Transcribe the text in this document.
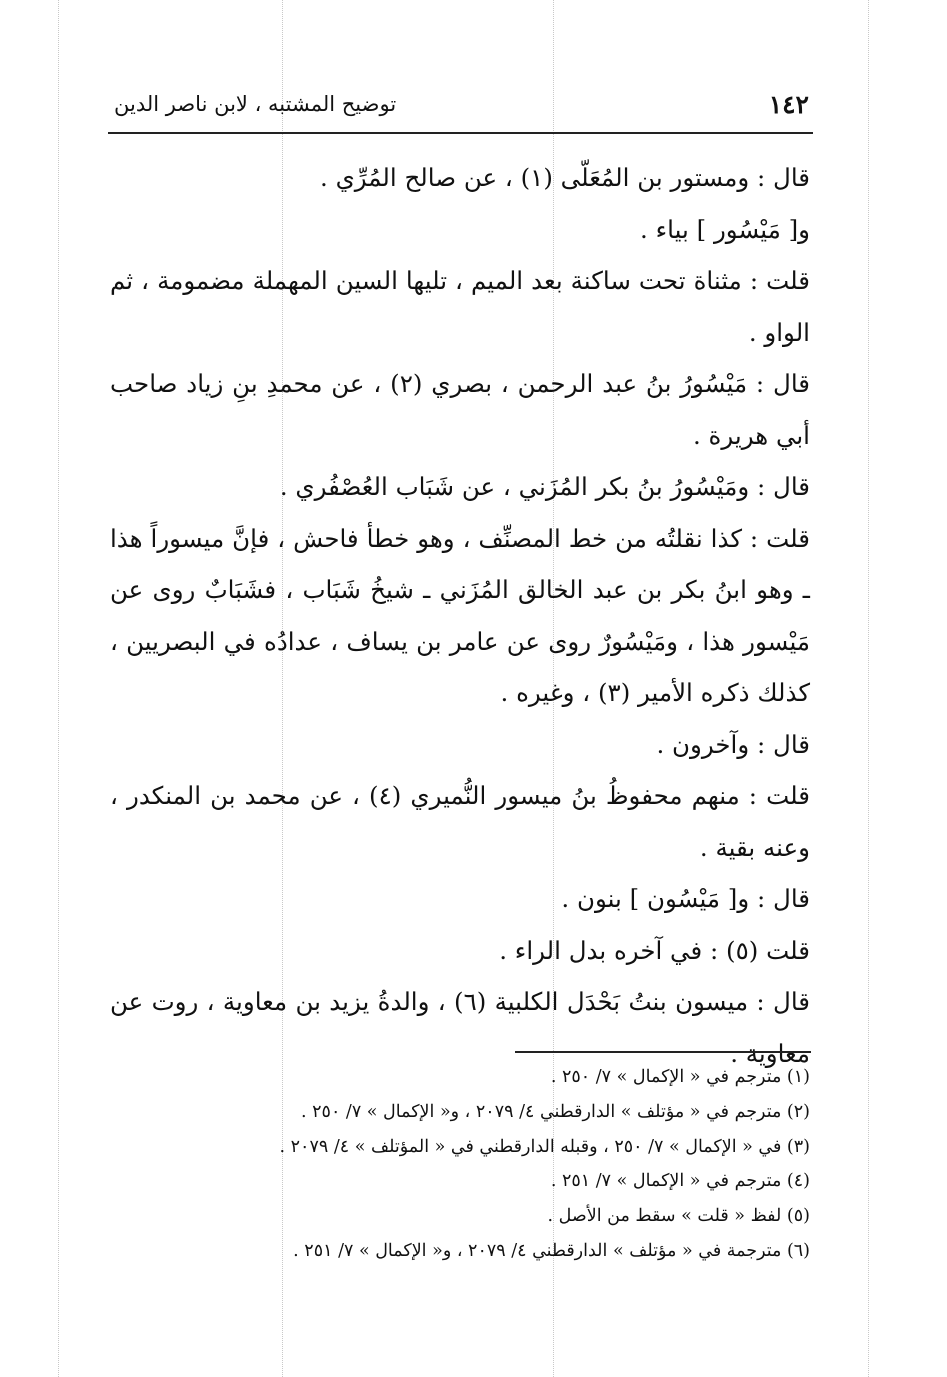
١٤٢
توضيح المشتبه ، لابن ناصر الدين

قال : ومستور بن المُعَلّى (١) ، عن صالح المُرِّي .

و[ مَيْسُور ] بياء .

قلت : مثناة تحت ساكنة بعد الميم ، تليها السين المهملة مضمومة ، ثم الواو .

قال : مَيْسُورُ بنُ عبد الرحمن ، بصري (٢) ، عن محمدِ بنِ زياد صاحب أبي هريرة .

قال : ومَيْسُورُ بنُ بكر المُزَني ، عن شَبَاب العُصْفُري .

قلت : كذا نقلتُه من خط المصنِّف ، وهو خطأ فاحش ، فإنَّ ميسوراً هذا ـ وهو ابنُ بكر بن عبد الخالق المُزَني ـ شيخُ شَبَاب ، فشَبَابٌ روى عن مَيْسور هذا ، ومَيْسُورٌ روى عن عامر بن يساف ، عدادُه في البصريين ، كذلك ذكره الأمير (٣) ، وغيره .

قال : وآخرون .

قلت : منهم محفوظُ بنُ ميسور النُّميري (٤) ، عن محمد بن المنكدر ، وعنه بقية .

قال : و[ مَيْسُون ] بنون .

قلت (٥) : في آخره بدل الراء .

قال : ميسون بنتُ بَحْدَل الكلبية (٦) ، والدةُ يزيد بن معاوية ، روت عن معاوية .

(١) مترجم في « الإكمال » ٧/ ٢٥٠ .

(٢) مترجم في « مؤتلف » الدارقطني ٤/ ٢٠٧٩ ، و« الإكمال » ٧/ ٢٥٠ .

(٣) في « الإكمال » ٧/ ٢٥٠ ، وقبله الدارقطني في « المؤتلف » ٤/ ٢٠٧٩ .

(٤) مترجم في « الإكمال » ٧/ ٢٥١ .

(٥) لفظ « قلت » سقط من الأصل .

(٦) مترجمة في « مؤتلف » الدارقطني ٤/ ٢٠٧٩ ، و« الإكمال » ٧/ ٢٥١ .
